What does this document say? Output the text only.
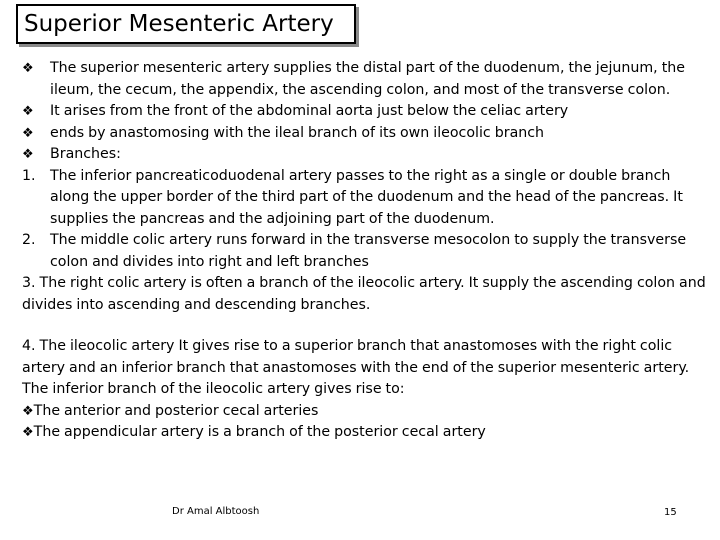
Superior Mesenteric Artery
❖	The superior mesenteric artery supplies the distal part of the duodenum, the jejunum, the ileum, the cecum, the appendix, the ascending colon, and most of the transverse colon.
❖	It arises from the front of the abdominal aorta just below the celiac artery
❖	ends by anastomosing with the ileal branch of its own ileocolic branch
❖	Branches:
1.	The inferior pancreaticoduodenal artery passes to the right as a single or double branch along the upper border of the third part of the duodenum and the head of the pancreas. It supplies the pancreas and the adjoining part of the duodenum.
2.	The middle colic artery runs forward in the transverse mesocolon to supply the transverse colon and divides into right and left branches
3. The right colic artery is often a branch of the ileocolic artery. It supply the ascending colon and divides into ascending and descending branches.
4. The ileocolic artery It gives rise to a superior branch that anastomoses with the right colic artery and an inferior branch that anastomoses with the end of the superior mesenteric artery.
The inferior branch of the ileocolic artery gives rise to:
❖The anterior and posterior cecal arteries
❖The appendicular artery is a branch of the posterior cecal artery
Dr Amal Albtoosh	15
